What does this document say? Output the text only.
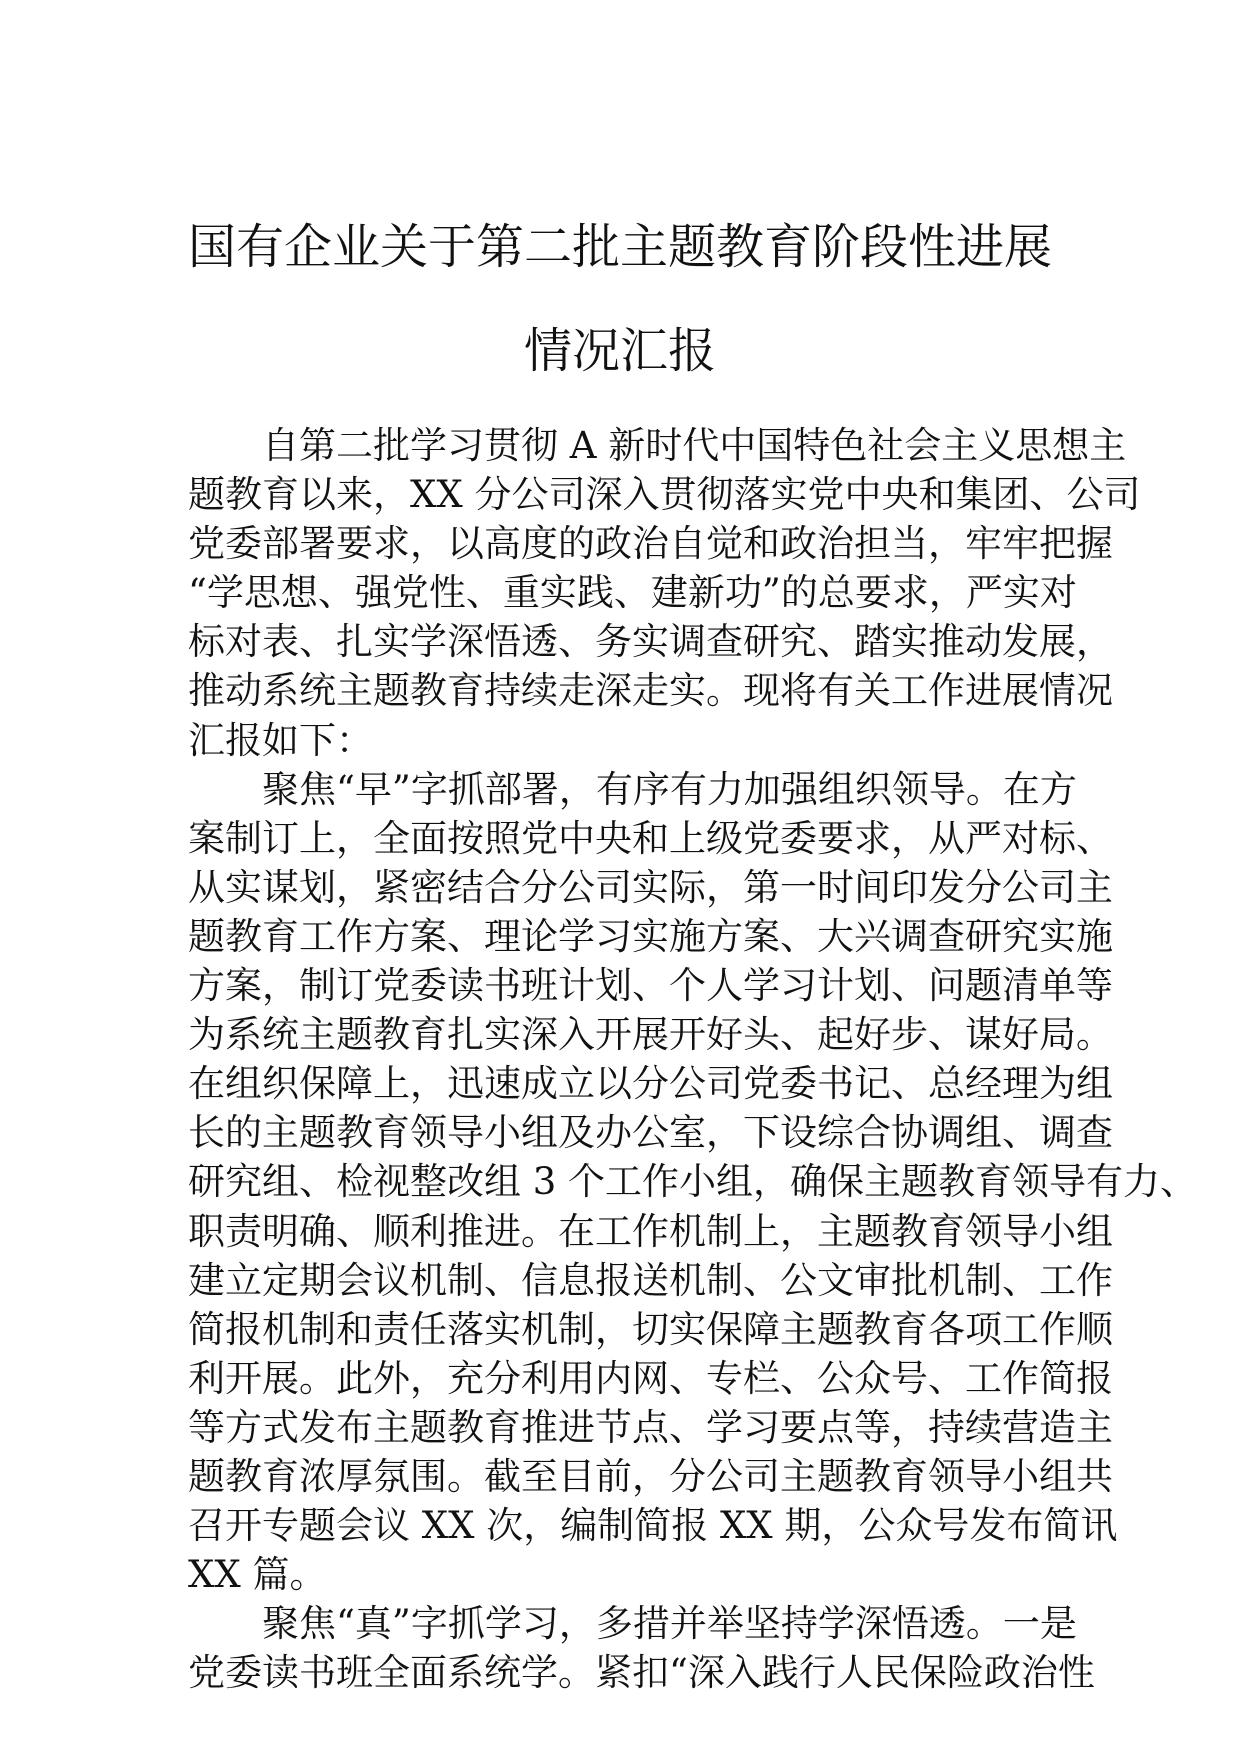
国有企业关于第二批主题教育阶段性进展
情况汇报
　　自第二批学习贯彻 A 新时代中国特色社会主义思想主
题教育以来，XX 分公司深入贯彻落实党中央和集团、公司
党委部署要求，以高度的政治自觉和政治担当，牢牢把握
“学思想、强党性、重实践、建新功”的总要求，严实对
标对表、扎实学深悟透、务实调查研究、踏实推动发展，
推动系统主题教育持续走深走实。现将有关工作进展情况
汇报如下：
　　聚焦“早”字抓部署，有序有力加强组织领导。在方
案制订上，全面按照党中央和上级党委要求，从严对标、
从实谋划，紧密结合分公司实际，第一时间印发分公司主
题教育工作方案、理论学习实施方案、大兴调查研究实施
方案，制订党委读书班计划、个人学习计划、问题清单等
为系统主题教育扎实深入开展开好头、起好步、谋好局。
在组织保障上，迅速成立以分公司党委书记、总经理为组
长的主题教育领导小组及办公室，下设综合协调组、调查
研究组、检视整改组 3 个工作小组，确保主题教育领导有力、
职责明确、顺利推进。在工作机制上，主题教育领导小组
建立定期会议机制、信息报送机制、公文审批机制、工作
简报机制和责任落实机制，切实保障主题教育各项工作顺
利开展。此外，充分利用内网、专栏、公众号、工作简报
等方式发布主题教育推进节点、学习要点等，持续营造主
题教育浓厚氛围。截至目前，分公司主题教育领导小组共
召开专题会议 XX 次，编制简报 XX 期，公众号发布简讯
XX 篇。
　　聚焦“真”字抓学习，多措并举坚持学深悟透。一是
党委读书班全面系统学。紧扣“深入践行人民保险政治性
